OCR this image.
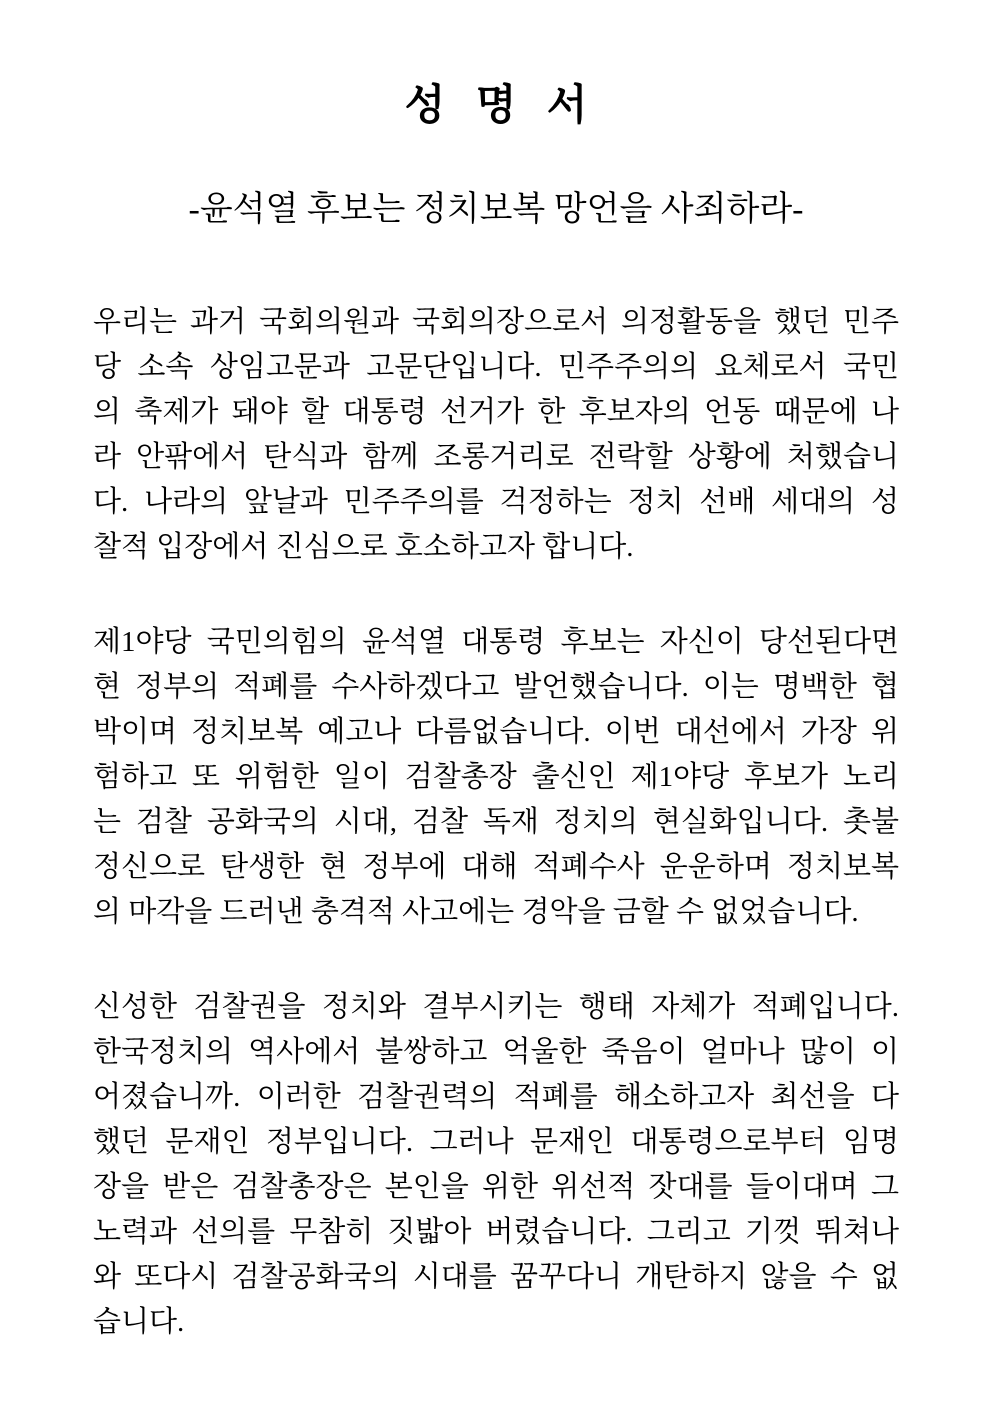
성 명 서
-윤석열 후보는 정치보복 망언을 사죄하라-
우리는 과거 국회의원과 국회의장으로서 의정활동을 했던 민주
당 소속 상임고문과 고문단입니다. 민주주의의 요체로서 국민
의 축제가 돼야 할 대통령 선거가 한 후보자의 언동 때문에 나
라 안팎에서 탄식과 함께 조롱거리로 전락할 상황에 처했습니
다. 나라의 앞날과 민주주의를 걱정하는 정치 선배 세대의 성
찰적 입장에서 진심으로 호소하고자 합니다.
제1야당 국민의힘의 윤석열 대통령 후보는 자신이 당선된다면
현 정부의 적폐를 수사하겠다고 발언했습니다. 이는 명백한 협
박이며 정치보복 예고나 다름없습니다. 이번 대선에서 가장 위
험하고 또 위험한 일이 검찰총장 출신인 제1야당 후보가 노리
는 검찰 공화국의 시대, 검찰 독재 정치의 현실화입니다. 촛불
정신으로 탄생한 현 정부에 대해 적폐수사 운운하며 정치보복
의 마각을 드러낸 충격적 사고에는 경악을 금할 수 없었습니다.
신성한 검찰권을 정치와 결부시키는 행태 자체가 적폐입니다.
한국정치의 역사에서 불쌍하고 억울한 죽음이 얼마나 많이 이
어졌습니까. 이러한 검찰권력의 적폐를 해소하고자 최선을 다
했던 문재인 정부입니다. 그러나 문재인 대통령으로부터 임명
장을 받은 검찰총장은 본인을 위한 위선적 잣대를 들이대며 그
노력과 선의를 무참히 짓밟아 버렸습니다. 그리고 기껏 뛰쳐나
와 또다시 검찰공화국의 시대를 꿈꾸다니 개탄하지 않을 수 없
습니다.
